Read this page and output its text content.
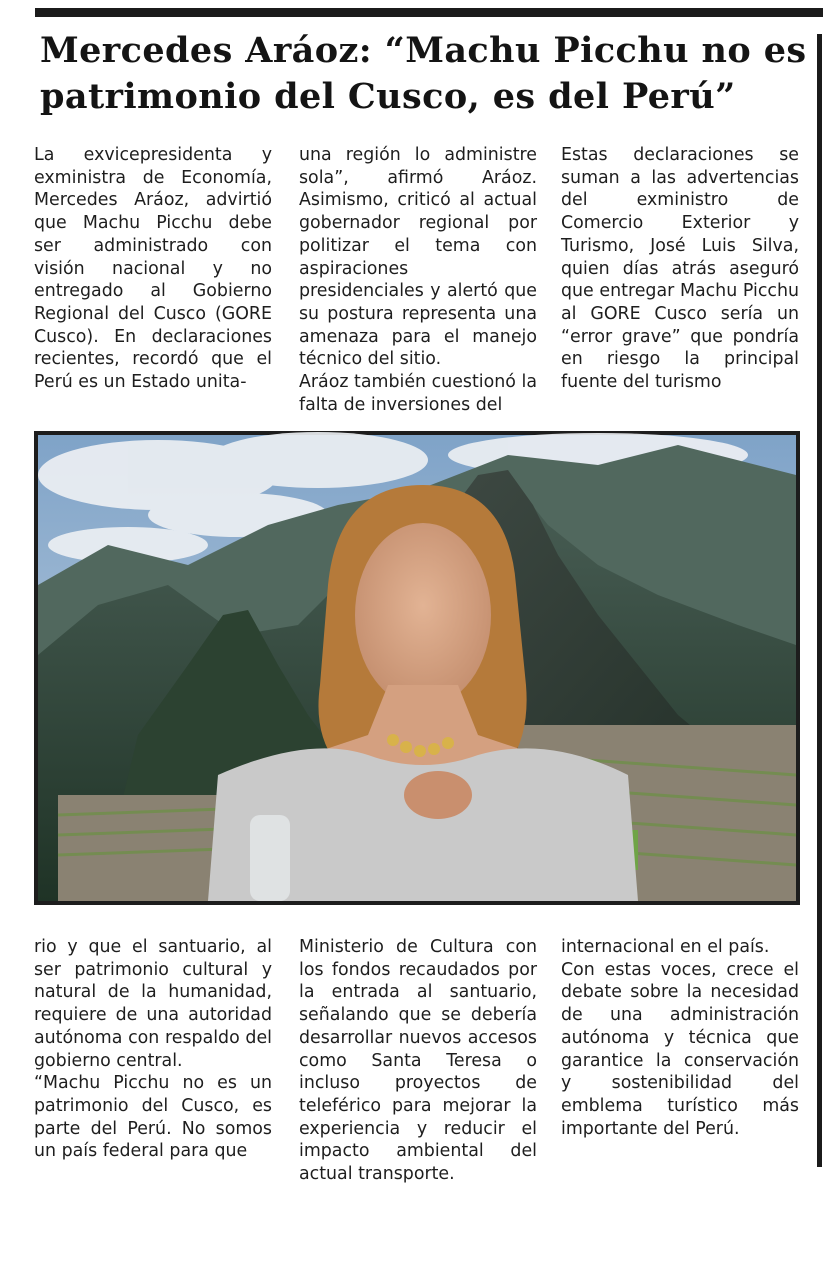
Mercedes Aráoz: “Machu Picchu no es patrimonio del Cusco, es del Perú”

La exvicepresidenta y exministra de Economía, Mercedes Aráoz, advirtió que Machu Picchu debe ser administrado con visión nacional y no entregado al Gobierno Regional del Cusco (GORE Cusco). En declaraciones recientes, recordó que el Perú es un Estado unita-

una región lo administre sola”, afirmó Aráoz. Asimismo, criticó al actual gobernador regional por politizar el tema con aspiraciones presidenciales y alertó que su postura representa una amenaza para el manejo técnico del sitio.

Aráoz también cuestionó la falta de inversiones del

Estas declaraciones se suman a las advertencias del exministro de Comercio Exterior y Turismo, José Luis Silva, quien días atrás aseguró que entregar Machu Picchu al GORE Cusco sería un “error grave” que pondría en riesgo la principal fuente del turismo

rio y que el santuario, al ser patrimonio cultural y natural de la humanidad, requiere de una autoridad autónoma con respaldo del gobierno central.

“Machu Picchu no es un patrimonio del Cusco, es parte del Perú. No somos un país federal para que

Ministerio de Cultura con los fondos recaudados por la entrada al santuario, señalando que se debería desarrollar nuevos accesos como Santa Teresa o incluso proyectos de teleférico para mejorar la experiencia y reducir el impacto ambiental del actual transporte.

internacional en el país.

Con estas voces, crece el debate sobre la necesidad de una administración autónoma y técnica que garantice la conservación y sostenibilidad del emblema turístico más importante del Perú.
